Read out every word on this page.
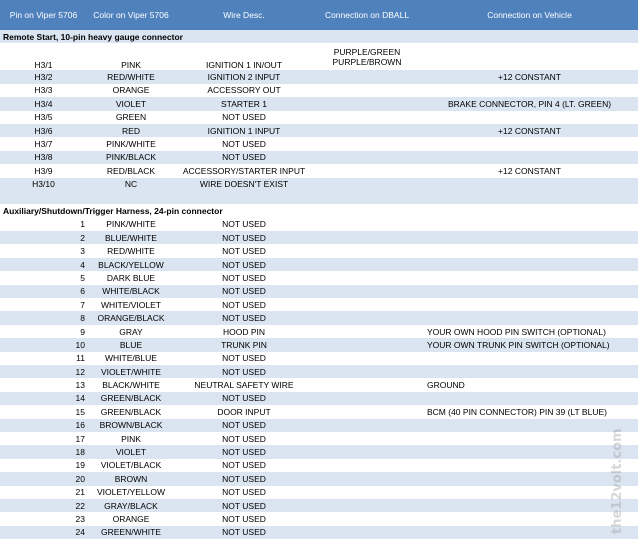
Pin on Viper 5706	Color on Viper 5706	Wire Desc.	Connection on DBALL	Connection on Vehicle
Remote Start, 10-pin heavy gauge connector				
H3/1	PINK	IGNITION 1 IN/OUT	PURPLE/GREEN
PURPLE/BROWN	
H3/2	RED/WHITE	IGNITION 2 INPUT		+12 CONSTANT
H3/3	ORANGE	ACCESSORY OUT		
H3/4	VIOLET	STARTER 1		BRAKE CONNECTOR, PIN 4 (LT. GREEN)
H3/5	GREEN	NOT USED		
H3/6	RED	IGNITION 1 INPUT		+12 CONSTANT
H3/7	PINK/WHITE	NOT USED		
H3/8	PINK/BLACK	NOT USED		
H3/9	RED/BLACK	ACCESSORY/STARTER INPUT		+12 CONSTANT
H3/10	NC	WIRE DOESN'T EXIST		

Auxiliary/Shutdown/Trigger Harness, 24-pin connector				
1	PINK/WHITE	NOT USED		
2	BLUE/WHITE	NOT USED		
3	RED/WHITE	NOT USED		
4	BLACK/YELLOW	NOT USED		
5	DARK BLUE	NOT USED		
6	WHITE/BLACK	NOT USED		
7	WHITE/VIOLET	NOT USED		
8	ORANGE/BLACK	NOT USED		
9	GRAY	HOOD PIN		YOUR OWN HOOD PIN SWITCH (OPTIONAL)
10	BLUE	TRUNK PIN		YOUR OWN TRUNK PIN SWITCH (OPTIONAL)
11	WHITE/BLUE	NOT USED		
12	VIOLET/WHITE	NOT USED		
13	BLACK/WHITE	NEUTRAL SAFETY WIRE		GROUND
14	GREEN/BLACK	NOT USED		
15	GREEN/BLACK	DOOR INPUT		BCM (40 PIN CONNECTOR) PIN 39 (LT BLUE)
16	BROWN/BLACK	NOT USED		
17	PINK	NOT USED		
18	VIOLET	NOT USED		
19	VIOLET/BLACK	NOT USED		
20	BROWN	NOT USED		
21	VIOLET/YELLOW	NOT USED		
22	GRAY/BLACK	NOT USED		
23	ORANGE	NOT USED		
24	GREEN/WHITE	NOT USED			the12volt.com
